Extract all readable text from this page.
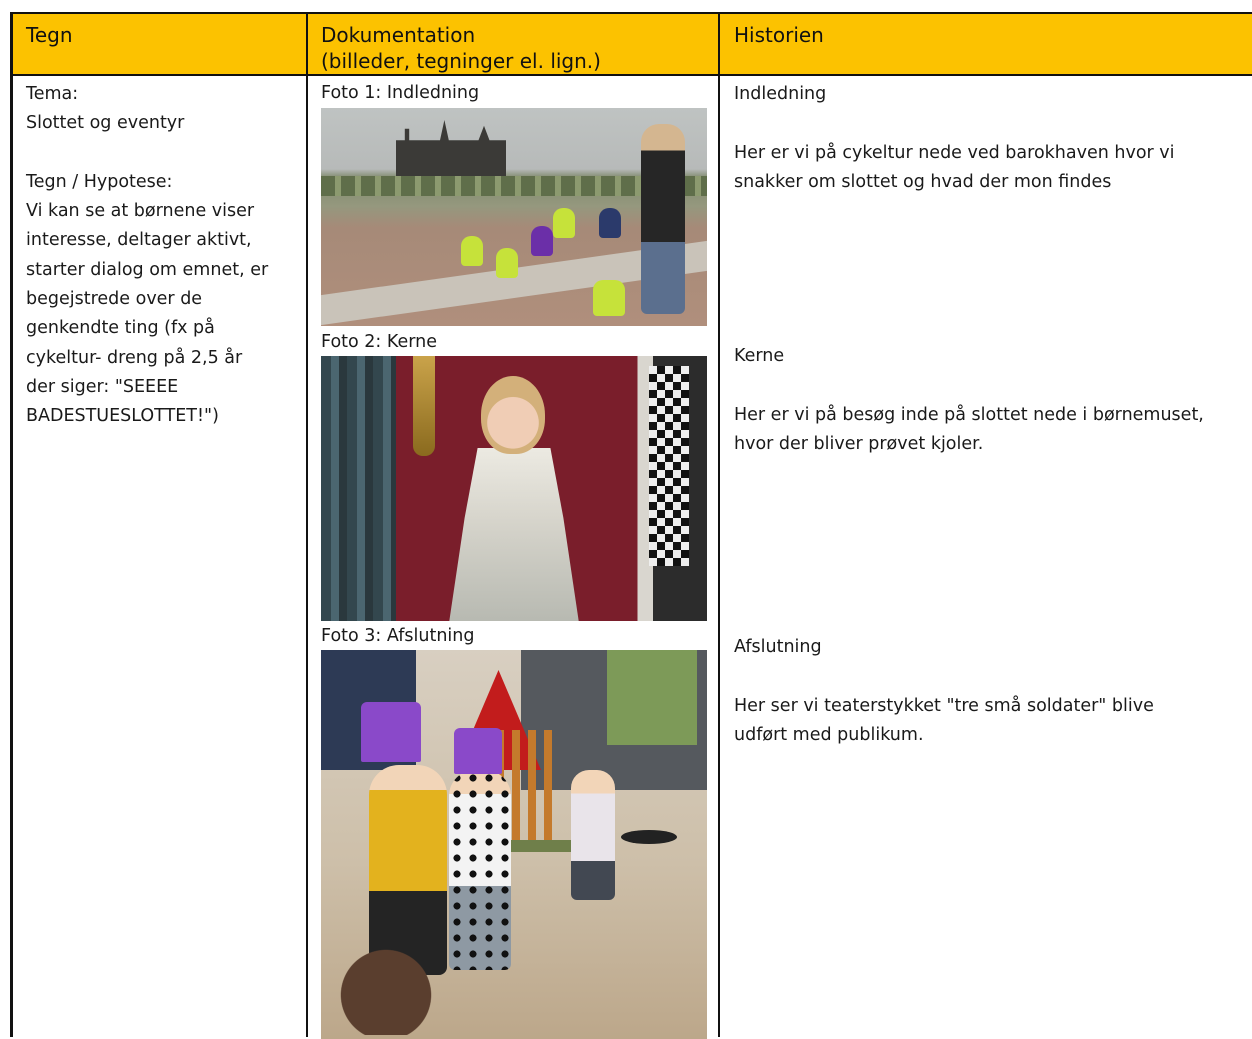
Tegn	Dokumentation
(billeder, tegninger el. lign.)
Historien
Tema:
Slottet og eventyr
Tegn / Hypotese:
Vi kan se at børnene viser
interesse, deltager aktivt,
starter dialog om emnet, er
begejstrede over de
genkendte ting (fx på
cykeltur- dreng på 2,5 år
der siger: "SEEEE
BADESTUESLOTTET!")
Foto 1: Indledning
Foto 2: Kerne
Foto 3: Afslutning
Indledning
Her er vi på cykeltur nede ved barokhaven hvor vi
snakker om slottet og hvad der mon findes
Kerne
Her er vi på besøg inde på slottet nede i børnemuset,
hvor der bliver prøvet kjoler.
Afslutning
Her ser vi teaterstykket "tre små soldater" blive
udført med publikum.
